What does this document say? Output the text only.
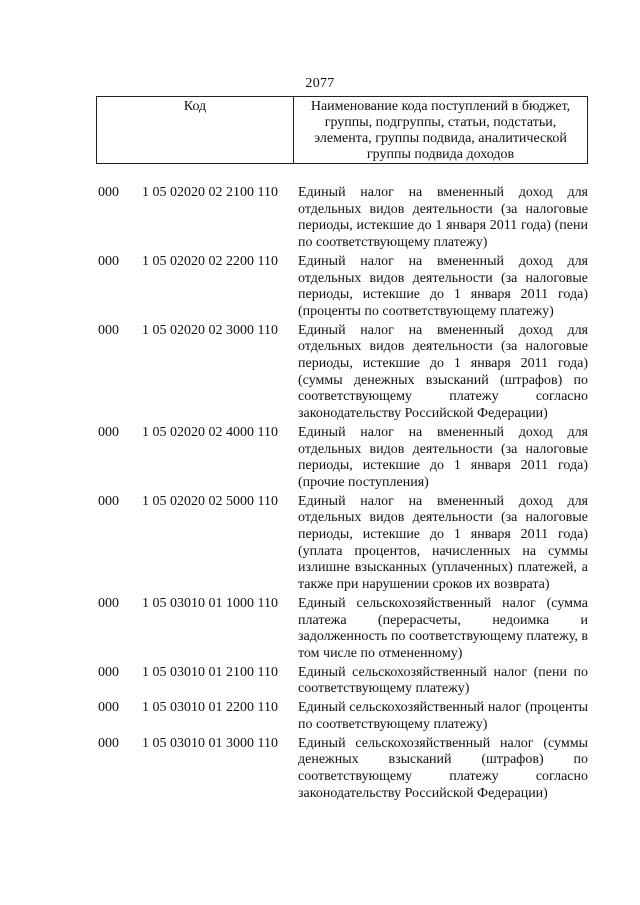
2077
Код	Наименование кода поступлений в бюджет, группы, подгруппы, статьи, подстатьи, элемента, группы подвида, аналитической группы подвида доходов
000	1 05 02020 02 2100 110	Единый налог на вмененный доход для отдельных видов деятельности (за налоговые периоды, истекшие до 1 января 2011 года) (пени по соответствующему платежу)
000	1 05 02020 02 2200 110	Единый налог на вмененный доход для отдельных видов деятельности (за налоговые периоды, истекшие до 1 января 2011 года) (проценты по соответствующему платежу)
000	1 05 02020 02 3000 110	Единый налог на вмененный доход для отдельных видов деятельности (за налоговые периоды, истекшие до 1 января 2011 года) (суммы денежных взысканий (штрафов) по соответствующему платежу согласно законодательству Российской Федерации)
000	1 05 02020 02 4000 110	Единый налог на вмененный доход для отдельных видов деятельности (за налоговые периоды, истекшие до 1 января 2011 года) (прочие поступления)
000	1 05 02020 02 5000 110	Единый налог на вмененный доход для отдельных видов деятельности (за налоговые периоды, истекшие до 1 января 2011 года) (уплата процентов, начисленных на суммы излишне взысканных (уплаченных) платежей, а также при нарушении сроков их возврата)
000	1 05 03010 01 1000 110	Единый сельскохозяйственный налог (сумма платежа (перерасчеты, недоимка и задолженность по соответствующему платежу, в том числе по отмененному)
000	1 05 03010 01 2100 110	Единый сельскохозяйственный налог (пени по соответствующему платежу)
000	1 05 03010 01 2200 110	Единый сельскохозяйственный налог (проценты по соответствующему платежу)
000	1 05 03010 01 3000 110	Единый сельскохозяйственный налог (суммы денежных взысканий (штрафов) по соответствующему платежу согласно законодательству Российской Федерации)
